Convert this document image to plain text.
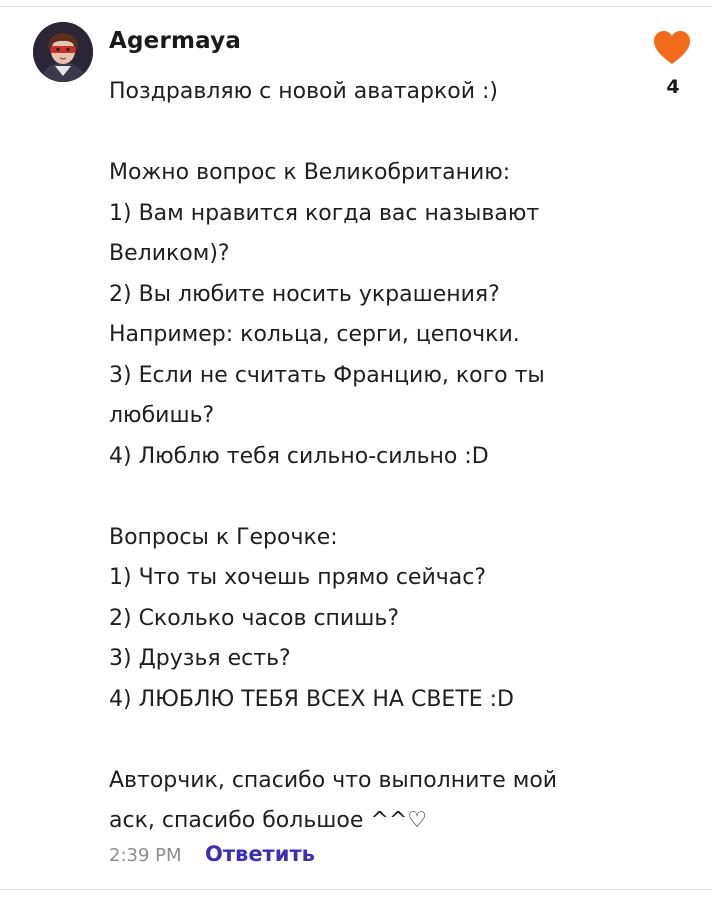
Agermaya

Поздравляю с новой аватаркой :)

Можно вопрос к Великобританию:
1) Вам нравится когда вас называют
Великом)?
2) Вы любите носить украшения?
Например: кольца, серги, цепочки.
3) Если не считать Францию, кого ты
любишь?
4) Люблю тебя сильно-сильно :D

Вопросы к Герочке:
1) Что ты хочешь прямо сейчас?
2) Сколько часов спишь?
3) Друзья есть?
4) ЛЮБЛЮ ТЕБЯ ВСЕХ НА СВЕТЕ :D

Авторчик, спасибо что выполните мой
аск, спасибо большое ^^♡

4
2:39 PM Ответить
